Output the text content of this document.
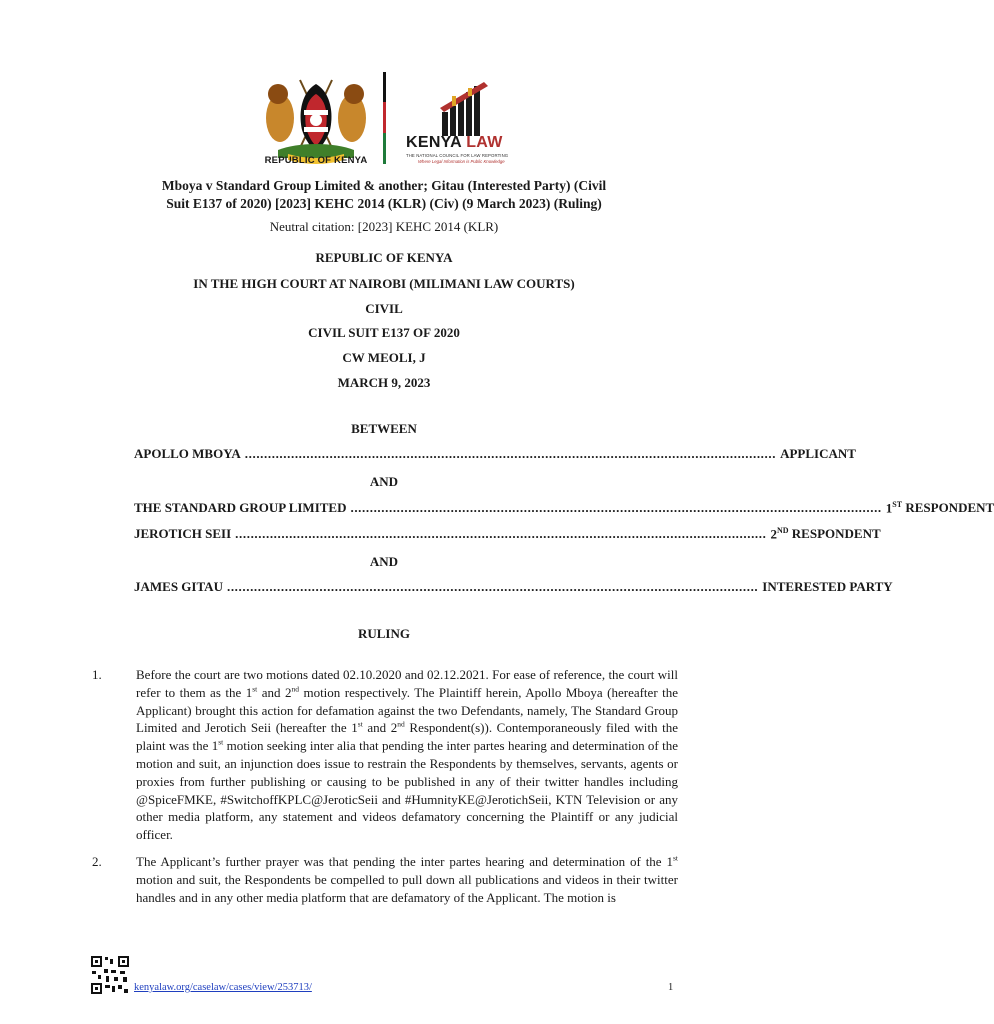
REPUBLIC OF KENYA
KENYA LAW
THE NATIONAL COUNCIL FOR LAW REPORTING
Where Legal Information is Public Knowledge
Mboya v Standard Group Limited & another; Gitau (Interested Party) (Civil
Suit E137 of 2020) [2023] KEHC 2014 (KLR) (Civ) (9 March 2023) (Ruling)
Neutral citation: [2023] KEHC 2014 (KLR)
REPUBLIC OF KENYA
IN THE HIGH COURT AT NAIROBI (MILIMANI LAW COURTS)
CIVIL
CIVIL SUIT E137 OF 2020
CW MEOLI, J
MARCH 9, 2023
BETWEEN
APOLLO MBOYA .......................................................................................................................................... APPLICANT
AND
THE STANDARD GROUP LIMITED .......................................................................................................................................... 1ST RESPONDENT
JEROTICH SEII .......................................................................................................................................... 2ND RESPONDENT
AND
JAMES GITAU .......................................................................................................................................... INTERESTED PARTY
RULING
1.	Before the court are two motions dated 02.10.2020 and 02.12.2021. For ease of reference, the court will refer to them as the 1st and 2nd motion respectively. The Plaintiff herein, Apollo Mboya (hereafter the Applicant) brought this action for defamation against the two Defendants, namely, The Standard Group Limited and Jerotich Seii (hereafter the 1st and 2nd Respondent(s)). Contemporaneously filed with the plaint was the 1st motion seeking inter alia that pending the inter partes hearing and determination of the motion and suit, an injunction does issue to restrain the Respondents by themselves, servants, agents or proxies from further publishing or causing to be published in any of their twitter handles including @SpiceFMKE, #SwitchoffKPLC@JeroticSeii and #HumnityKE@JerotichSeii, KTN Television or any other media platform, any statement and videos defamatory concerning the Plaintiff or any judicial officer.
2.	The Applicant’s further prayer was that pending the inter partes hearing and determination of the 1st motion and suit, the Respondents be compelled to pull down all publications and videos in their twitter handles and in any other media platform that are defamatory of the Applicant. The motion is
kenyalaw.org/caselaw/cases/view/253713/	1
